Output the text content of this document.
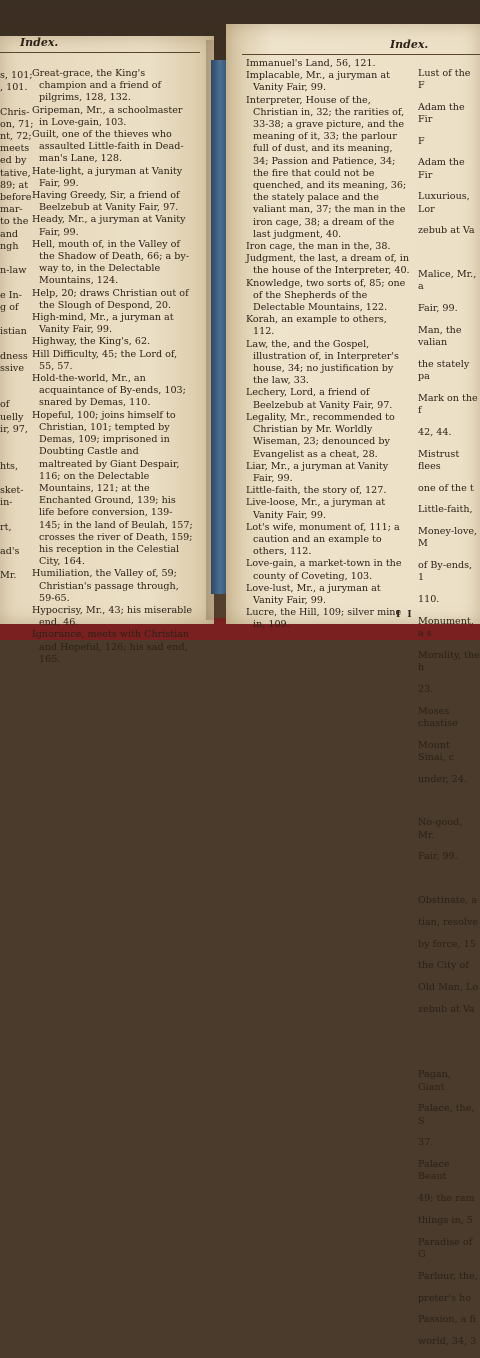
Index.

s, 101;

, 101.

Chris-

on, 71;

nt, 72;

meets

ed by

tative,

89; at

before

mar-

to the

and

ngh

n-law

e In-

g of

istian

dness

ssive

of

uelly

ir, 97,

hts,

sket-

in-

rt,

ad's

Mr.

Great-grace, the King's champion and a friend of pilgrims, 128, 132.

Gripeman, Mr., a schoolmaster in Love-gain, 103.

Guilt, one of the thieves who assaulted Little-faith in Dead-man's Lane, 128.

Hate-light, a juryman at Vanity Fair, 99.

Having Greedy, Sir, a friend of Beelzebub at Vanity Fair, 97.

Heady, Mr., a juryman at Vanity Fair, 99.

Hell, mouth of, in the Valley of the Shadow of Death, 66; a by-way to, in the Delectable Mountains, 124.

Help, 20; draws Christian out of the Slough of Despond, 20.

High-mind, Mr., a juryman at Vanity Fair, 99.

Highway, the King's, 62.

Hill Difficulty, 45; the Lord of, 55, 57.

Hold-the-world, Mr., an acquaintance of By-ends, 103; snared by Demas, 110.

Hopeful, 100; joins himself to Christian, 101; tempted by Demas, 109; imprisoned in Doubting Castle and maltreated by Giant Despair, 116; on the Delectable Mountains, 121; at the Enchanted Ground, 139; his life before conversion, 139-145; in the land of Beulah, 157; crosses the river of Death, 159; his reception in the Celestial City, 164.

Humiliation, the Valley of, 59; Christian's passage through, 59-65.

Hypocrisy, Mr., 43; his miserable end, 46.

Ignorance, meets with Christian and Hopeful, 126; his sad end, 165.

Index.

Immanuel's Land, 56, 121.

Implacable, Mr., a juryman at Vanity Fair, 99.

Interpreter, House of the, Christian in, 32; the rarities of, 33-38; a grave picture, and the meaning of it, 33; the parlour full of dust, and its meaning, 34; Passion and Patience, 34; the fire that could not be quenched, and its meaning, 36; the stately palace and the valiant man, 37; the man in the iron cage, 38; a dream of the last judgment, 40.

Iron cage, the man in the, 38.

Judgment, the last, a dream of, in the house of the Interpreter, 40.

Knowledge, two sorts of, 85; one of the Shepherds of the Delectable Mountains, 122.

Korah, an example to others, 112.

Law, the, and the Gospel, illustration of, in Interpreter's house, 34; no justification by the law, 33.

Lechery, Lord, a friend of Beelzebub at Vanity Fair, 97.

Legality, Mr., recommended to Christian by Mr. Worldly Wiseman, 23; denounced by Evangelist as a cheat, 28.

Liar, Mr., a juryman at Vanity Fair, 99.

Little-faith, the story of, 127.

Live-loose, Mr., a juryman at Vanity Fair, 99.

Lot's wife, monument of, 111; a caution and an example to others, 112.

Love-gain, a market-town in the county of Coveting, 103.

Love-lust, Mr., a juryman at Vanity Fair, 99.

Lucre, the Hill, 109; silver mine in, 109.

Lust of the F

Adam the Fir

F

Adam the Fir

Luxurious, Lor

zebub at Va

Malice, Mr., a

Fair, 99.

Man, the valian

the stately pa

Mark on the f

42, 44.

Mistrust flees

one of the t

Little-faith,

Money-love, M

of By-ends, 1

110.

Monument, a s

Morality, the h

23.

Moses chastise

Mount Sinai, c

under, 24.

No-good, Mr.

Fair, 99.

Obstinate, a

tian, resolve

by force, 15

the City of

Old Man, Lo

zebub at Va

Pagan, Giant

Palace, the, S

37.

Palace Beaut

49; the ram

things in, 5

Paradise of G

Parlour, the,

preter's ho

Passion, a fi

world, 34, 3

I I
